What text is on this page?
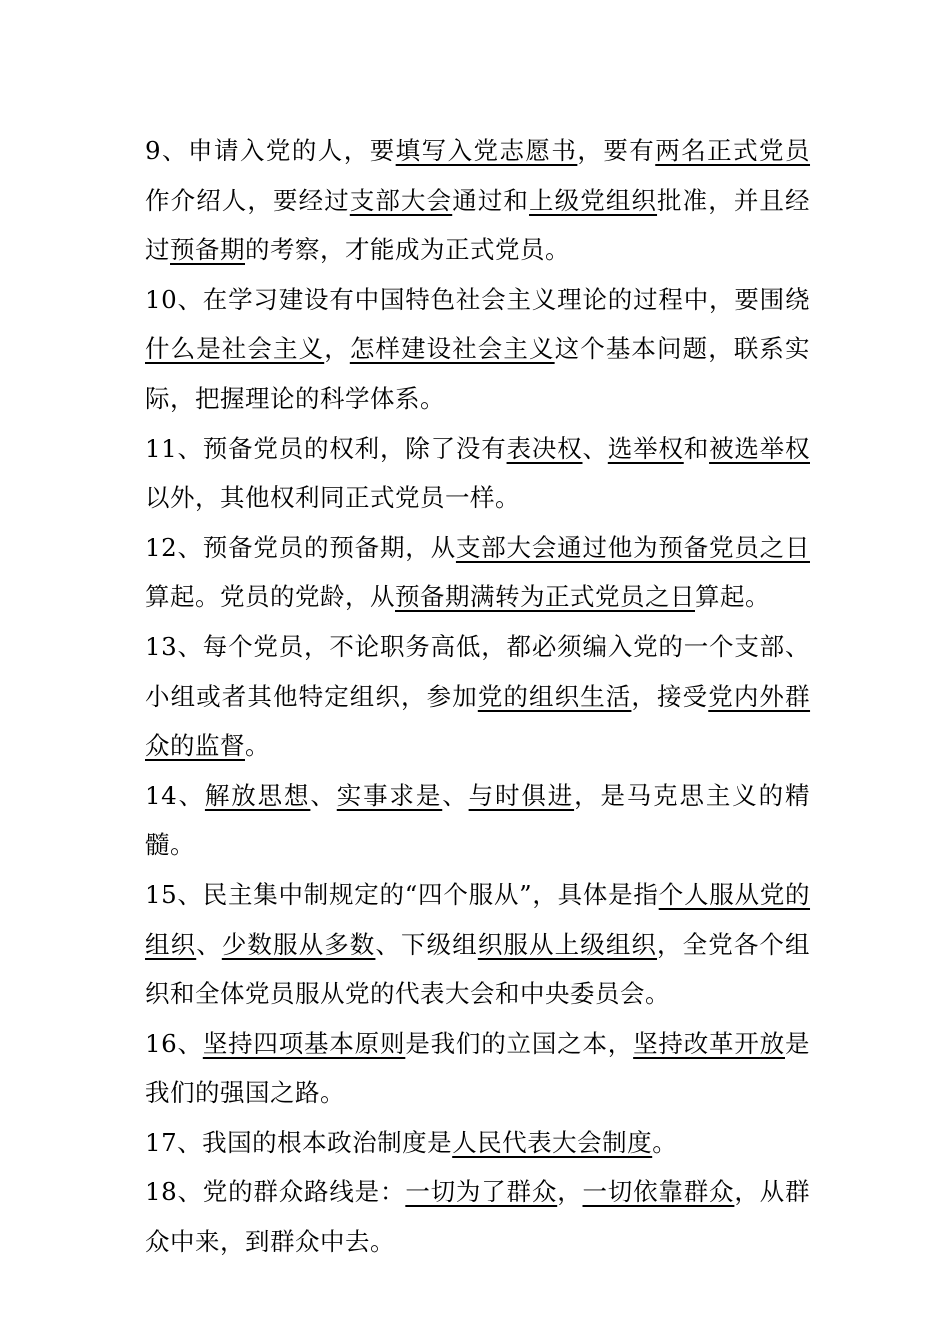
9、申请入党的人，要填写入党志愿书，要有两名正式党员作介绍人，要经过支部大会通过和上级党组织批准，并且经过预备期的考察，才能成为正式党员。

10、在学习建设有中国特色社会主义理论的过程中，要围绕什么是社会主义，怎样建设社会主义这个基本问题，联系实际，把握理论的科学体系。

11、预备党员的权利，除了没有表决权、选举权和被选举权以外，其他权利同正式党员一样。

12、预备党员的预备期，从支部大会通过他为预备党员之日算起。党员的党龄，从预备期满转为正式党员之日算起。

13、每个党员，不论职务高低，都必须编入党的一个支部、小组或者其他特定组织，参加党的组织生活，接受党内外群众的监督。

14、解放思想、实事求是、与时俱进，是马克思主义的精髓。

15、民主集中制规定的“四个服从”，具体是指个人服从党的组织、少数服从多数、下级组织服从上级组织，全党各个组织和全体党员服从党的代表大会和中央委员会。

16、坚持四项基本原则是我们的立国之本，坚持改革开放是我们的强国之路。

17、我国的根本政治制度是人民代表大会制度。

18、党的群众路线是：一切为了群众，一切依靠群众，从群众中来，到群众中去。
